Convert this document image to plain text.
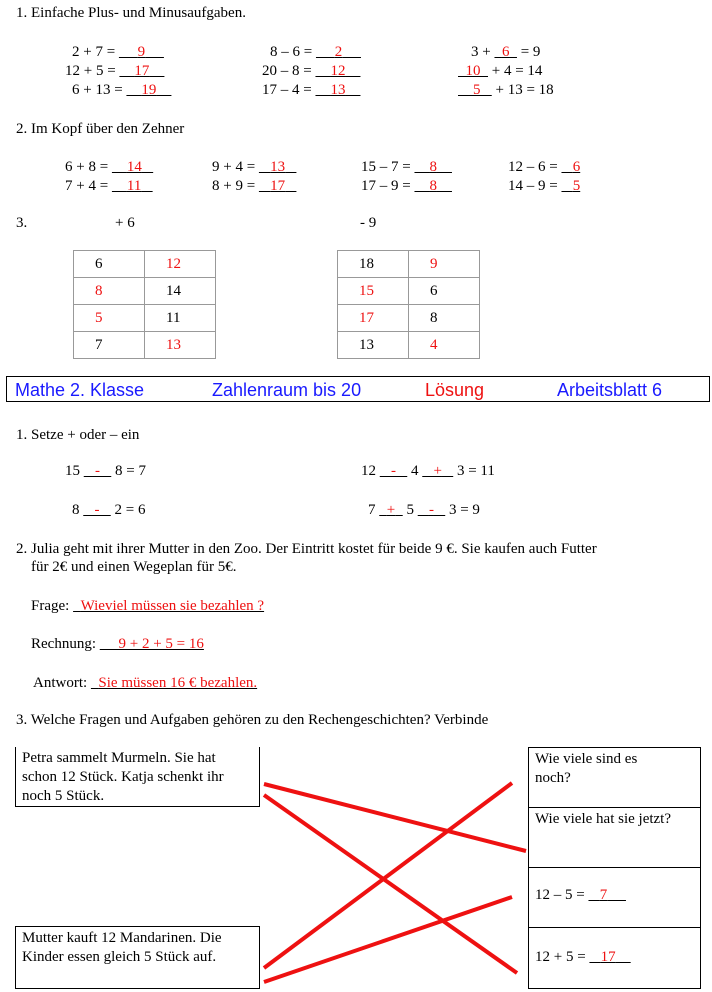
1. Einfache Plus- und Minusaufgaben.
2 + 7 =      9
12 + 5 =     17
6 + 13 =     19
8 – 6 =      2
20 – 8 =     12
17 – 4 =     13
3 +   6   = 9
10   + 4 = 14
5    + 13 = 18
2. Im Kopf über den Zehner
6 + 8 =     14
7 + 4 =     11
9 + 4 =    13
8 + 9 =    17
15 – 7 =     8
17 – 9 =     8
12 – 6 =    6
14 – 9 =    5
3.	+ 6	- 9
6	12
8	14
5	11
7	13
18	9
15	6
17	8
13	4
Mathe 2. Klasse	Zahlenraum bis 20	Lösung	Arbeitsblatt 6
1. Setze + oder – ein
15    -    8 = 7	12    -    4    +    3 = 11
8    -    2 = 6	7   +   5    -    3 = 9
2. Julia geht mit ihrer Mutter in den Zoo. Der Eintritt kostet für beide 9 €. Sie kaufen auch Futter
für 2€ und einen Wegeplan für 5€.
Frage:   Wieviel müssen sie bezahlen ?
Rechnung:      9 + 2 + 5 = 16
Antwort:   Sie müssen 16 € bezahlen.
3. Welche Fragen und Aufgaben gehören zu den Rechengeschichten? Verbinde
Petra sammelt Murmeln. Sie hat
schon 12 Stück. Katja schenkt ihr
noch 5 Stück.
Mutter kauft 12 Mandarinen. Die
Kinder essen gleich 5 Stück auf.
Wie viele sind es
noch?
Wie viele hat sie jetzt?
12 – 5 =    7
12 + 5 =    17
